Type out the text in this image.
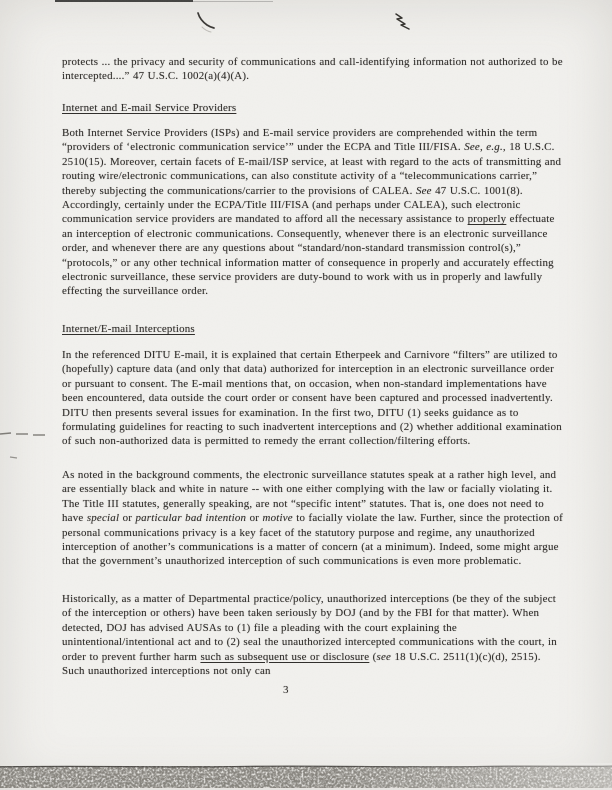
protects ... the privacy and security of communications and call-identifying information not authorized to be intercepted....” 47 U.S.C. 1002(a)(4)(A).
Internet and E-mail Service Providers
Both Internet Service Providers (ISPs) and E-mail service providers are comprehended within the term “providers of ‘electronic communication service’” under the ECPA and Title III/FISA. See, e.g., 18 U.S.C. 2510(15). Moreover, certain facets of E-mail/ISP service, at least with regard to the acts of transmitting and routing wire/electronic communications, can also constitute activity of a “telecommunications carrier,” thereby subjecting the communications/carrier to the provisions of CALEA. See 47 U.S.C. 1001(8). Accordingly, certainly under the ECPA/Title III/FISA (and perhaps under CALEA), such electronic communication service providers are mandated to afford all the necessary assistance to properly effectuate an interception of electronic communications. Consequently, whenever there is an electronic surveillance order, and whenever there are any questions about “standard/non-standard transmission control(s),” “protocols,” or any other technical information matter of consequence in properly and accurately effecting electronic surveillance, these service providers are duty-bound to work with us in properly and lawfully effecting the surveillance order.
Internet/E-mail Interceptions
In the referenced DITU E-mail, it is explained that certain Etherpeek and Carnivore “filters” are utilized to (hopefully) capture data (and only that data) authorized for interception in an electronic surveillance order or pursuant to consent. The E-mail mentions that, on occasion, when non-standard implementations have been encountered, data outside the court order or consent have been captured and processed inadvertently. DITU then presents several issues for examination. In the first two, DITU (1) seeks guidance as to formulating guidelines for reacting to such inadvertent interceptions and (2) whether additional examination of such non-authorized data is permitted to remedy the errant collection/filtering efforts.
As noted in the background comments, the electronic surveillance statutes speak at a rather high level, and are essentially black and white in nature -- with one either complying with the law or facially violating it. The Title III statutes, generally speaking, are not “specific intent” statutes. That is, one does not need to have special or particular bad intention or motive to facially violate the law. Further, since the protection of personal communications privacy is a key facet of the statutory purpose and regime, any unauthorized interception of another’s communications is a matter of concern (at a minimum). Indeed, some might argue that the government’s unauthorized interception of such communications is even more problematic.
Historically, as a matter of Departmental practice/policy, unauthorized interceptions (be they of the subject of the interception or others) have been taken seriously by DOJ (and by the FBI for that matter). When detected, DOJ has advised AUSAs to (1) file a pleading with the court explaining the unintentional/intentional act and to (2) seal the unauthorized intercepted communications with the court, in order to prevent further harm such as subsequent use or disclosure (see 18 U.S.C. 2511(1)(c)(d), 2515). Such unauthorized interceptions not only can
3
